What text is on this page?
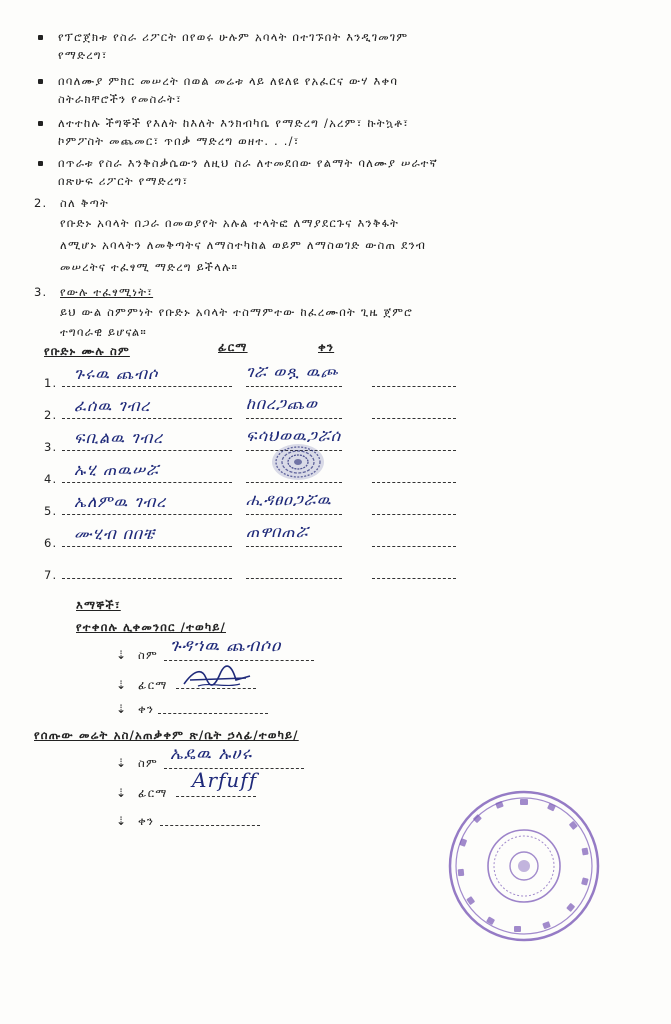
የፕሮጀክቱ የስራ ሪፖርት በየወሩ ሁሉም አባላት በተገኙበት እንዲገመገም
የማድረግ፣
በባለሙያ ምክር መሠረት በወል መሬቱ ላይ ለዩለዩ የአፈርና ውሃ እቀባ
ስትራክቸሮችን የመስራት፣
ለተተከሉ ችግኞች የእለት ከእለት እንክብካቤ የማድረግ /አረም፣ ኩትኳቶ፣
ኮምፖስት መጨመር፣ ጥበቃ ማድረግ ወዘተ. . ./፣
በጥራቱ የስራ እንቅስቃሴውን ለዚህ ስራ ለተመደበው የልማት ባለሙያ ሠራተኛ
በጽሁፍ ሪፖርት የማድረግ፣
2. ስለ ቅጣት
የቡድኑ አባላት በጋራ በመወያየት አሉል ተላትፎ ለማያደርጉና እንቅፋት
ለሚሆኑ አባላትን ለመቅጣትና ለማስተካከል ወይም ለማስወገድ ውስጠ ደንብ
መሠረትና ተፈፃሚ ማድረግ ይችላሉ።
3. የውሉ ተፈፃሚነት፣
ይህ ውል ስምምነት የቡድኑ አባላት ተስማምተው ከፈረሙበት ጊዜ ጀምሮ
ተግባራዊ ይሆናል።
የቡድኑ ሙሉ ስም	ፊርማ	ቀን
1. ጉሩዉ ጨብሶ	ገሯ ወጿ ዉጮ
2. ፈሰዉ ገብረ	ከበረጋጨወ
3. ፍቢልዉ ገብረ	ፍሳህወዉጋሯሰ
4. ኡሂ ጠዉሠሯ
5. ኤለምዉ ገብረ	ሒዳፀዐጋሯዉ
6. ሙሂብ በበቼ	ጠዋበጠሯ
7.
እማኞች፣
የተቀበሉ ሊቀመንበር /ተወካይ/
⇣ ስም ጉዳኀዉ ጨብሶዐ
⇣ ፊርማ
⇣ ቀን
የሰጡው መሬት አስ/አጠቃቀም ጽ/ቤት ኃላፊ/ተወካይ/
⇣ ስም ኤዴዉ ኡሀሩ
⇣ ፊርማ
Arfuff
⇣ ቀን
